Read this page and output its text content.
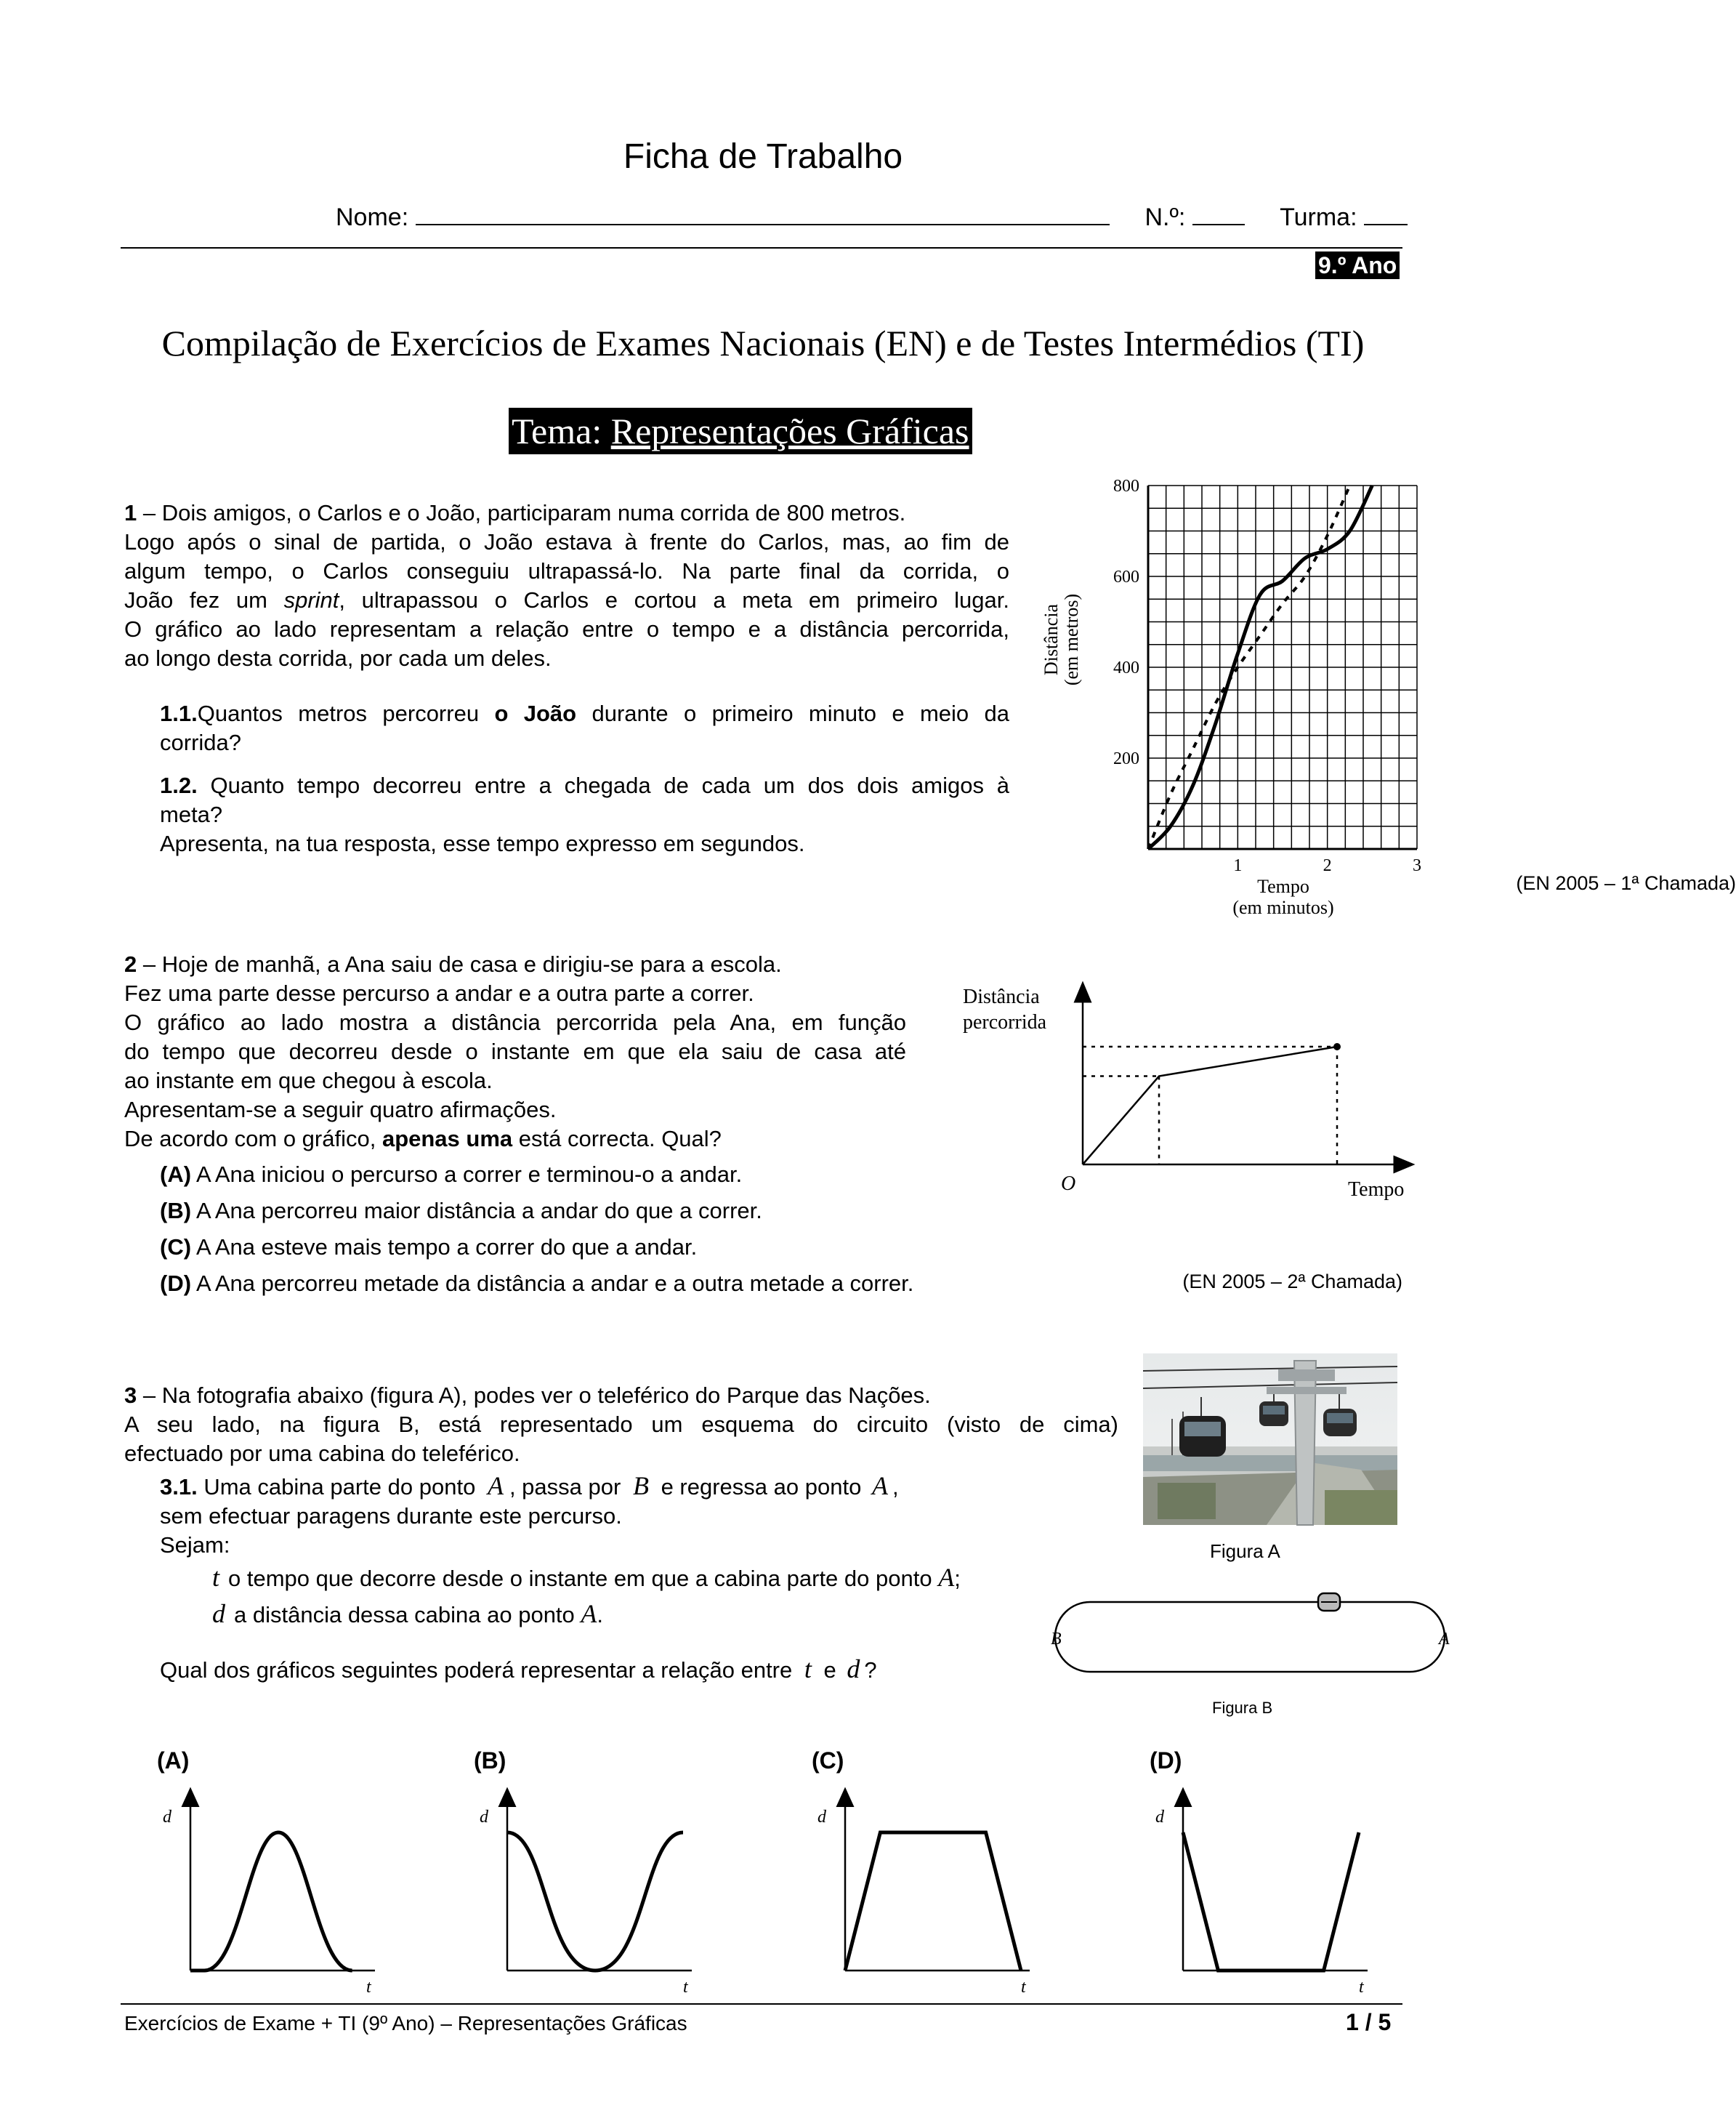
Ficha de Trabalho
Nome:	N.º:	Turma:
9.º Ano
Compilação de Exercícios de Exames Nacionais (EN) e de Testes Intermédios (TI)
Tema: Representações Gráficas
1 – Dois amigos, o Carlos e o João, participaram numa corrida de 800 metros.
Logo após o sinal de partida, o João estava à frente do Carlos, mas, ao fim de
algum tempo, o Carlos conseguiu ultrapassá-lo. Na parte final da corrida, o
João fez um sprint, ultrapassou o Carlos e cortou a meta em primeiro lugar.
O gráfico ao lado representam a relação entre o tempo e a distância percorrida,
ao longo desta corrida, por cada um deles.
1.1.Quantos metros percorreu o João durante o primeiro minuto e meio da
corrida?
1.2. Quanto tempo decorreu entre a chegada de cada um dos dois amigos à
meta?
Apresenta, na tua resposta, esse tempo expresso em segundos.
(EN 2005 – 1ª Chamada)
1	2	3
200
400
600
800
Distância (em metros)
Tempo
(em minutos)
2 – Hoje de manhã, a Ana saiu de casa e dirigiu-se para a escola.
Fez uma parte desse percurso a andar e a outra parte a correr.
O gráfico ao lado mostra a distância percorrida pela Ana, em função
do tempo que decorreu desde o instante em que ela saiu de casa até
ao instante em que chegou à escola.
Apresentam-se a seguir quatro afirmações.
De acordo com o gráfico, apenas uma está correcta. Qual?
(A) A Ana iniciou o percurso a correr e terminou-o a andar.
(B) A Ana percorreu maior distância a andar do que a correr.
(C) A Ana esteve mais tempo a correr do que a andar.
(D) A Ana percorreu metade da distância a andar e a outra metade a correr.	(EN 2005 – 2ª Chamada)
Distância
percorrida
O	Tempo
3 – Na fotografia abaixo (figura A), podes ver o teleférico do Parque das Nações.
A seu lado, na figura B, está representado um esquema do circuito (visto de cima)
efectuado por uma cabina do teleférico.
3.1. Uma cabina parte do ponto A , passa por B e regressa ao ponto A ,
sem efectuar paragens durante este percurso.
Sejam:
t o tempo que decorre desde o instante em que a cabina parte do ponto A;
d a distância dessa cabina ao ponto A.
Qual dos gráficos seguintes poderá representar a relação entre t e d ?
Figura A
B	A
Figura B
(A)
d
t
(B)
d
t
(C)
d
t
(D)
d
t
Exercícios de Exame + TI (9º Ano) – Representações Gráficas	1 / 5
